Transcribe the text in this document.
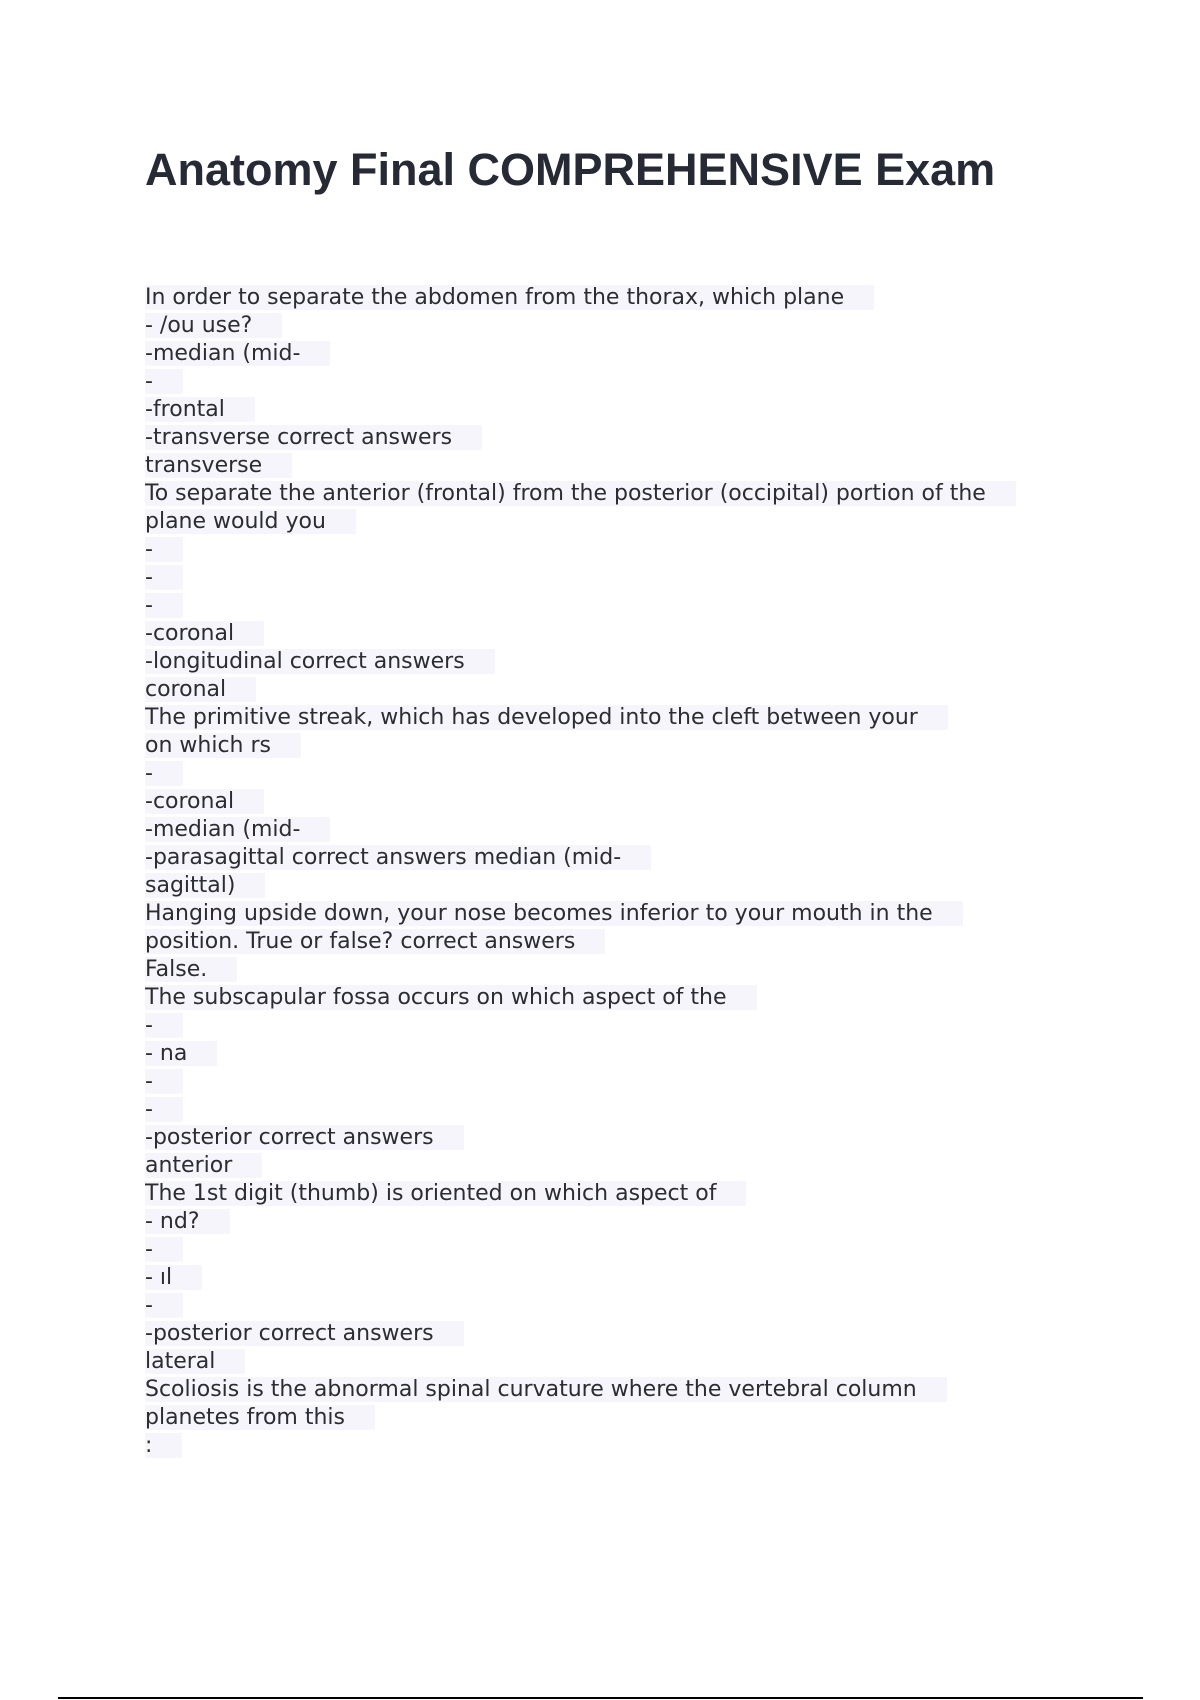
Anatomy Final COMPREHENSIVE Exam
In order to separate the abdomen from the thorax, which plane
- /ou use?
-median (mid-
-
-frontal
-transverse correct answers
transverse
To separate the anterior (frontal) from the posterior (occipital) portion of the
plane would you
-
-
-
-coronal
-longitudinal correct answers
coronal
The primitive streak, which has developed into the cleft between your
on which rs
-
-coronal
-median (mid-
-parasagittal correct answers median (mid-
sagittal)
Hanging upside down, your nose becomes inferior to your mouth in the
position. True or false? correct answers
False.
The subscapular fossa occurs on which aspect of the
-
- na
-
-
-posterior correct answers
anterior
The 1st digit (thumb) is oriented on which aspect of
- nd?
-
- ıl
-
-posterior correct answers
lateral
Scoliosis is the abnormal spinal curvature where the vertebral column
planetes from this
:
